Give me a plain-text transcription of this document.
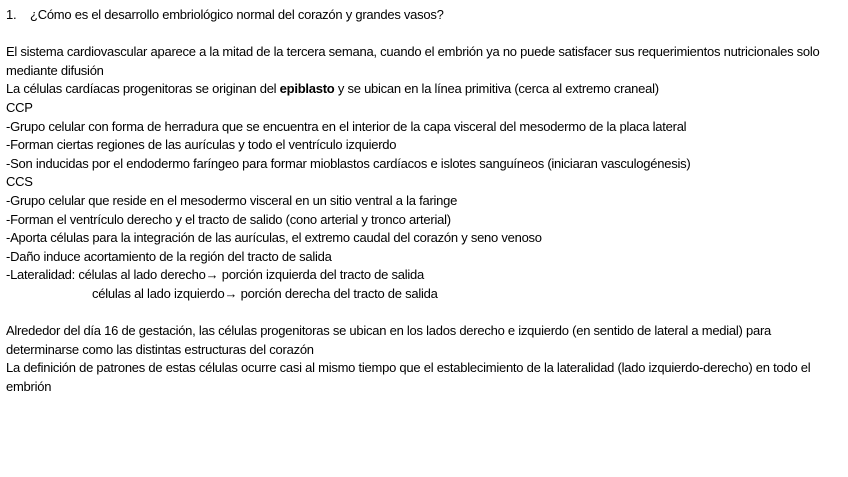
1. ¿Cómo es el desarrollo embriológico normal del corazón y grandes vasos?
El sistema cardiovascular aparece a la mitad de la tercera semana, cuando el embrión ya no puede satisfacer sus requerimientos nutricionales solo mediante difusión
La células cardíacas progenitoras se originan del epiblasto y se ubican en la línea primitiva (cerca al extremo craneal)
CCP
-Grupo celular con forma de herradura que se encuentra en el interior de la capa visceral del mesodermo de la placa lateral
-Forman ciertas regiones de las aurículas y todo el ventrículo izquierdo
-Son inducidas por el endodermo faríngeo para formar mioblastos cardíacos e islotes sanguíneos (iniciaran vasculogénesis)
CCS
-Grupo celular que reside en el mesodermo visceral en un sitio ventral a la faringe
-Forman el ventrículo derecho y el tracto de salido (cono arterial y tronco arterial)
-Aporta células para la integración de las aurículas, el extremo caudal del corazón y seno venoso
-Daño induce acortamiento de la región del tracto de salida
-Lateralidad: células al lado derecho→ porción izquierda del tracto de salida
células al lado izquierdo→ porción derecha del tracto de salida
Alrededor del día 16 de gestación, las células progenitoras se ubican en los lados derecho e izquierdo (en sentido de lateral a medial) para determinarse como las distintas estructuras del corazón
La definición de patrones de estas células ocurre casi al mismo tiempo que el establecimiento de la lateralidad (lado izquierdo-derecho) en todo el embrión
